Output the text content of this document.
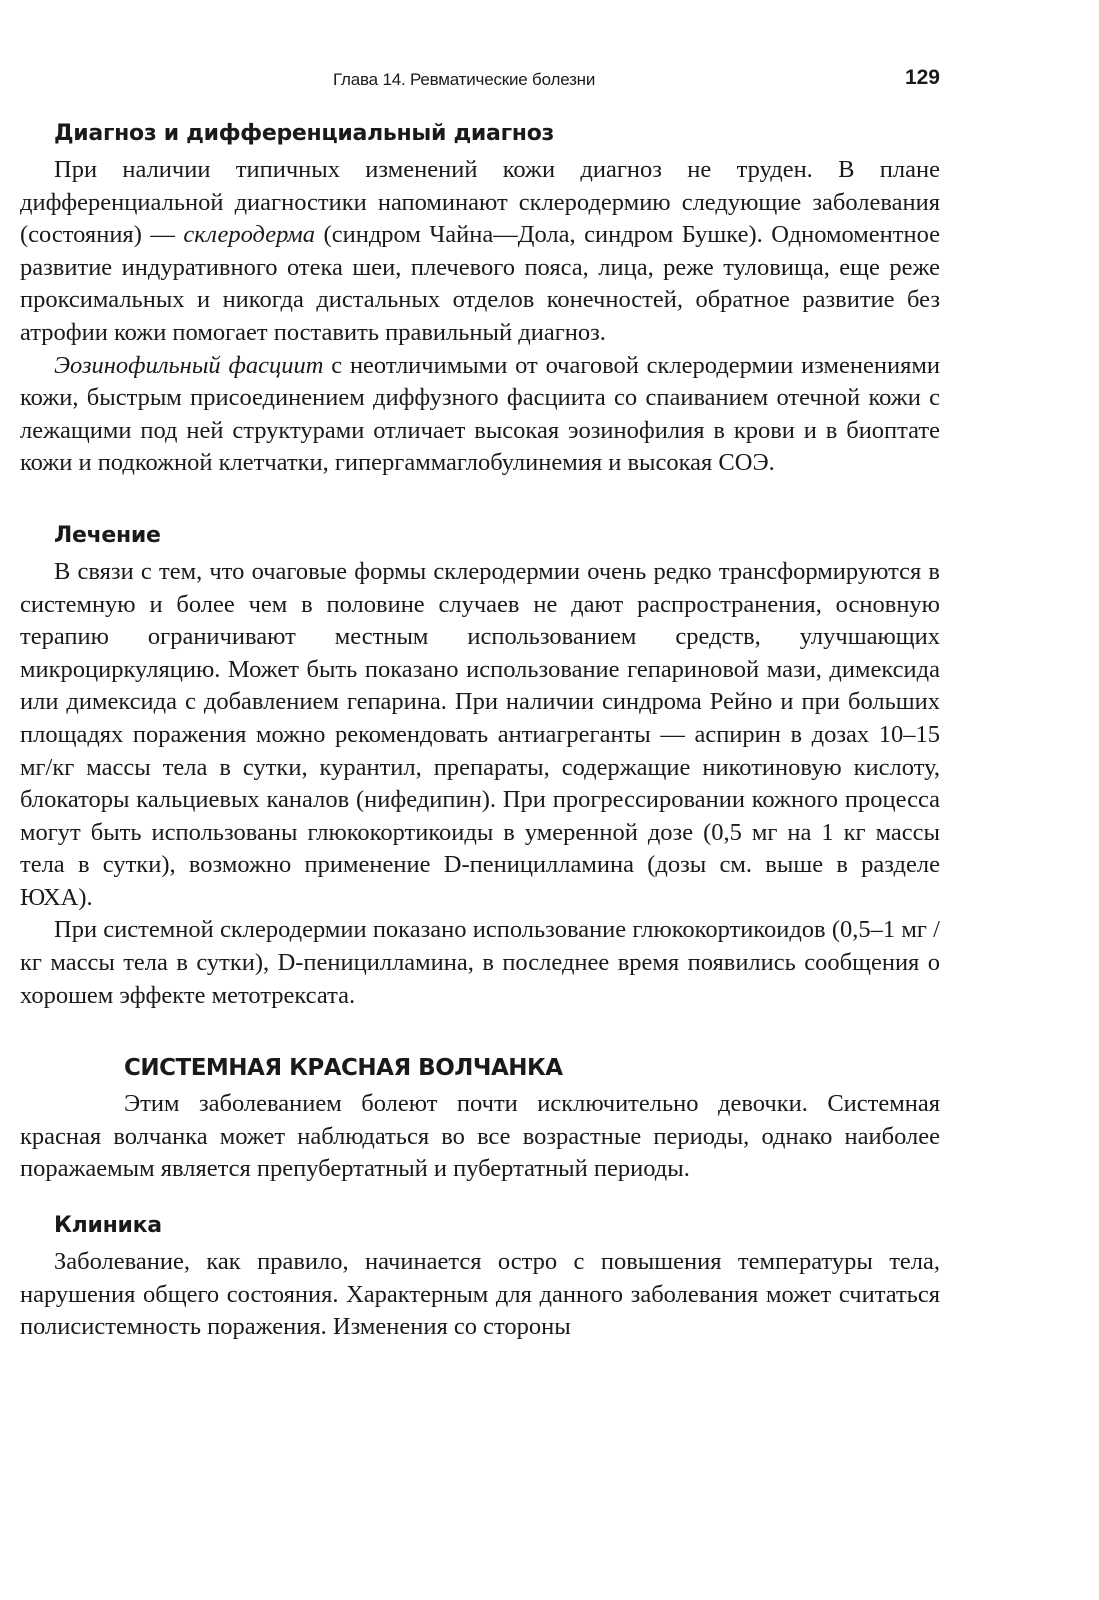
Глава 14. Ревматические болезни	129
Диагноз и дифференциальный диагноз

При наличии типичных изменений кожи диагноз не труден. В плане дифференциальной диагностики напоминают склеродермию следующие заболевания (состояния) — склеродерма (синдром Чайна—Дола, синдром Бушке). Одномоментное развитие индуративного отека шеи, плечевого пояса, лица, реже туловища, еще реже проксимальных и никогда дистальных отделов конечностей, обратное развитие без атрофии кожи помогает поставить правильный диагноз.

Эозинофильный фасциит с неотличимыми от очаговой склеродермии изменениями кожи, быстрым присоединением диффузного фасциита со спаиванием отечной кожи с лежащими под ней структурами отличает высокая эозинофилия в крови и в биоптате кожи и подкожной клетчатки, гипергаммаглобулинемия и высокая СОЭ.

Лечение

В связи с тем, что очаговые формы склеродермии очень редко трансформируются в системную и более чем в половине случаев не дают распространения, основную терапию ограничивают местным использованием средств, улучшающих микроциркуляцию. Может быть показано использование гепариновой мази, димексида или димексида с добавлением гепарина. При наличии синдрома Рейно и при больших площадях поражения можно рекомендовать антиагреганты — аспирин в дозах 10–15 мг/кг массы тела в сутки, курантил, препараты, содержащие никотиновую кислоту, блокаторы кальциевых каналов (нифедипин). При прогрессировании кожного процесса могут быть использованы глюкокортикоиды в умеренной дозе (0,5 мг на 1 кг массы тела в сутки), возможно применение D-пеницилламина (дозы см. выше в разделе ЮХА).

При системной склеродермии показано использование глюкокортикоидов (0,5–1 мг /кг массы тела в сутки), D-пеницилламина, в последнее время появились сообщения о хорошем эффекте метотрексата.

СИСТЕМНАЯ КРАСНАЯ ВОЛЧАНКА

Этим заболеванием болеют почти исключительно девочки. Системная красная волчанка может наблюдаться во все возрастные периоды, однако наиболее поражаемым является препубертатный и пубертатный периоды.

Клиника

Заболевание, как правило, начинается остро с повышения температуры тела, нарушения общего состояния. Характерным для данного заболевания может считаться полисистемность поражения. Изменения со стороны
